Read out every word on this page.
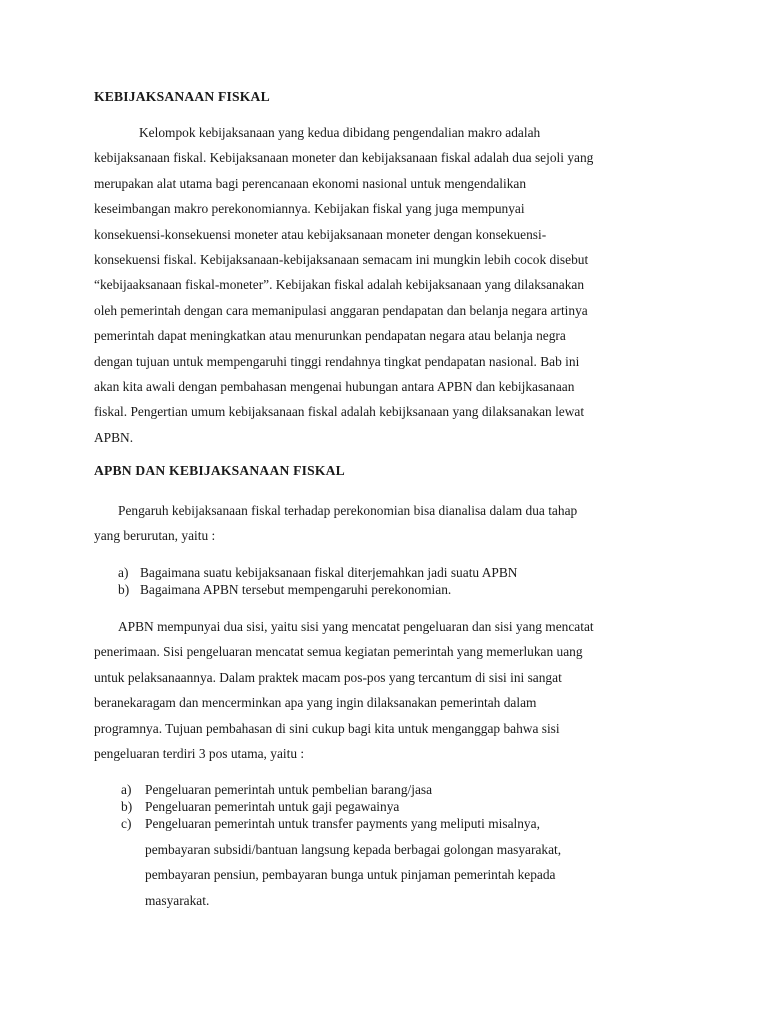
KEBIJAKSANAAN FISKAL
Kelompok kebijaksanaan yang kedua dibidang pengendalian makro adalah
kebijaksanaan fiskal. Kebijaksanaan moneter dan kebijaksanaan fiskal adalah dua sejoli yang
merupakan alat utama bagi perencanaan ekonomi nasional untuk mengendalikan
keseimbangan makro perekonomiannya. Kebijakan fiskal yang juga mempunyai
konsekuensi-konsekuensi moneter atau kebijaksanaan moneter dengan konsekuensi-
konsekuensi fiskal. Kebijaksanaan-kebijaksanaan semacam ini mungkin lebih cocok disebut
“kebijaaksanaan fiskal-moneter”. Kebijakan fiskal adalah kebijaksanaan yang dilaksanakan
oleh pemerintah dengan cara memanipulasi anggaran pendapatan dan belanja negara artinya
pemerintah dapat meningkatkan atau menurunkan pendapatan negara atau belanja negra
dengan tujuan untuk mempengaruhi tinggi rendahnya tingkat pendapatan nasional. Bab ini
akan kita awali dengan pembahasan mengenai hubungan antara APBN dan kebijkasanaan
fiskal. Pengertian umum kebijaksanaan fiskal adalah kebijksanaan yang dilaksanakan lewat
APBN.
APBN DAN KEBIJAKSANAAN FISKAL
Pengaruh kebijaksanaan fiskal terhadap perekonomian bisa dianalisa dalam dua tahap
yang berurutan, yaitu :
a) Bagaimana suatu kebijaksanaan fiskal diterjemahkan jadi suatu APBN
b) Bagaimana APBN tersebut mempengaruhi perekonomian.
APBN mempunyai dua sisi, yaitu sisi yang mencatat pengeluaran dan sisi yang mencatat
penerimaan. Sisi pengeluaran mencatat semua kegiatan pemerintah yang memerlukan uang
untuk pelaksanaannya. Dalam praktek macam pos-pos yang tercantum di sisi ini sangat
beranekaragam dan mencerminkan apa yang ingin dilaksanakan pemerintah dalam
programnya. Tujuan pembahasan di sini cukup bagi kita untuk menganggap bahwa sisi
pengeluaran terdiri 3 pos utama, yaitu :
a) Pengeluaran pemerintah untuk pembelian barang/jasa
b) Pengeluaran pemerintah untuk gaji pegawainya
c) Pengeluaran pemerintah untuk transfer payments yang meliputi misalnya,
pembayaran subsidi/bantuan langsung kepada berbagai golongan masyarakat,
pembayaran pensiun, pembayaran bunga untuk pinjaman pemerintah kepada
masyarakat.
